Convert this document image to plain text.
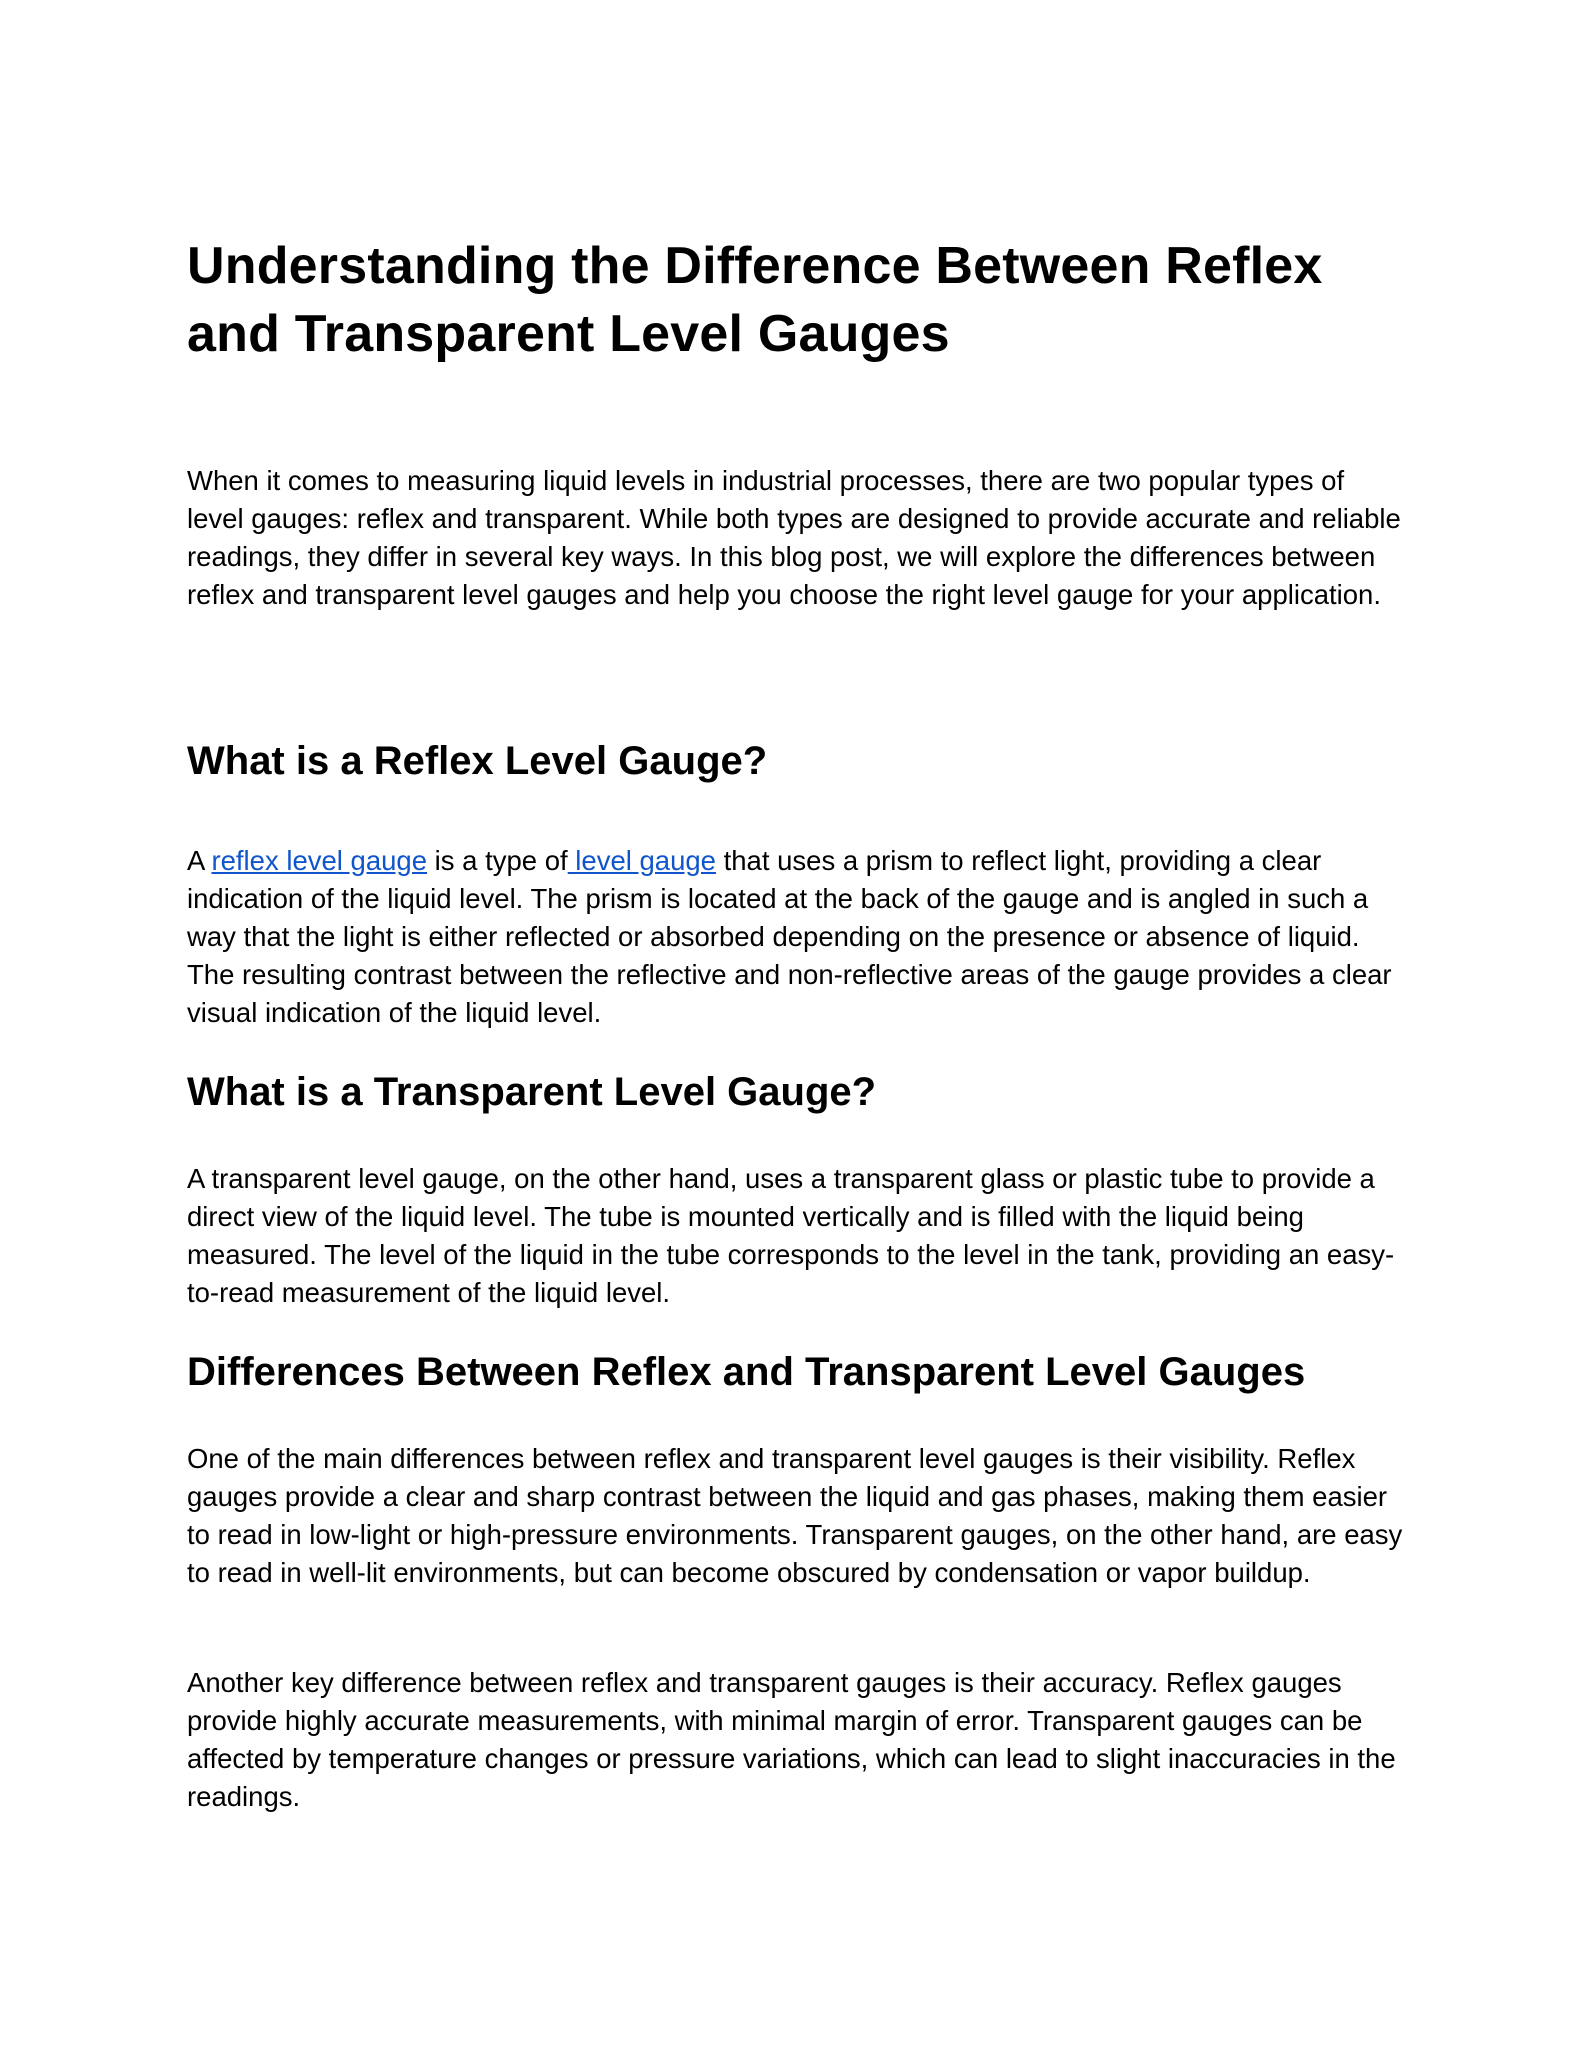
Understanding the Difference Between Reflex and Transparent Level Gauges

When it comes to measuring liquid levels in industrial processes, there are two popular types of level gauges: reflex and transparent. While both types are designed to provide accurate and reliable readings, they differ in several key ways. In this blog post, we will explore the differences between reflex and transparent level gauges and help you choose the right level gauge for your application.

What is a Reflex Level Gauge?

A reflex level gauge is a type of level gauge that uses a prism to reflect light, providing a clear indication of the liquid level. The prism is located at the back of the gauge and is angled in such a way that the light is either reflected or absorbed depending on the presence or absence of liquid. The resulting contrast between the reflective and non-reflective areas of the gauge provides a clear visual indication of the liquid level.

What is a Transparent Level Gauge?

A transparent level gauge, on the other hand, uses a transparent glass or plastic tube to provide a direct view of the liquid level. The tube is mounted vertically and is filled with the liquid being measured. The level of the liquid in the tube corresponds to the level in the tank, providing an easy-to-read measurement of the liquid level.

Differences Between Reflex and Transparent Level Gauges

One of the main differences between reflex and transparent level gauges is their visibility. Reflex gauges provide a clear and sharp contrast between the liquid and gas phases, making them easier to read in low-light or high-pressure environments. Transparent gauges, on the other hand, are easy to read in well-lit environments, but can become obscured by condensation or vapor buildup.

Another key difference between reflex and transparent gauges is their accuracy. Reflex gauges provide highly accurate measurements, with minimal margin of error. Transparent gauges can be affected by temperature changes or pressure variations, which can lead to slight inaccuracies in the readings.
